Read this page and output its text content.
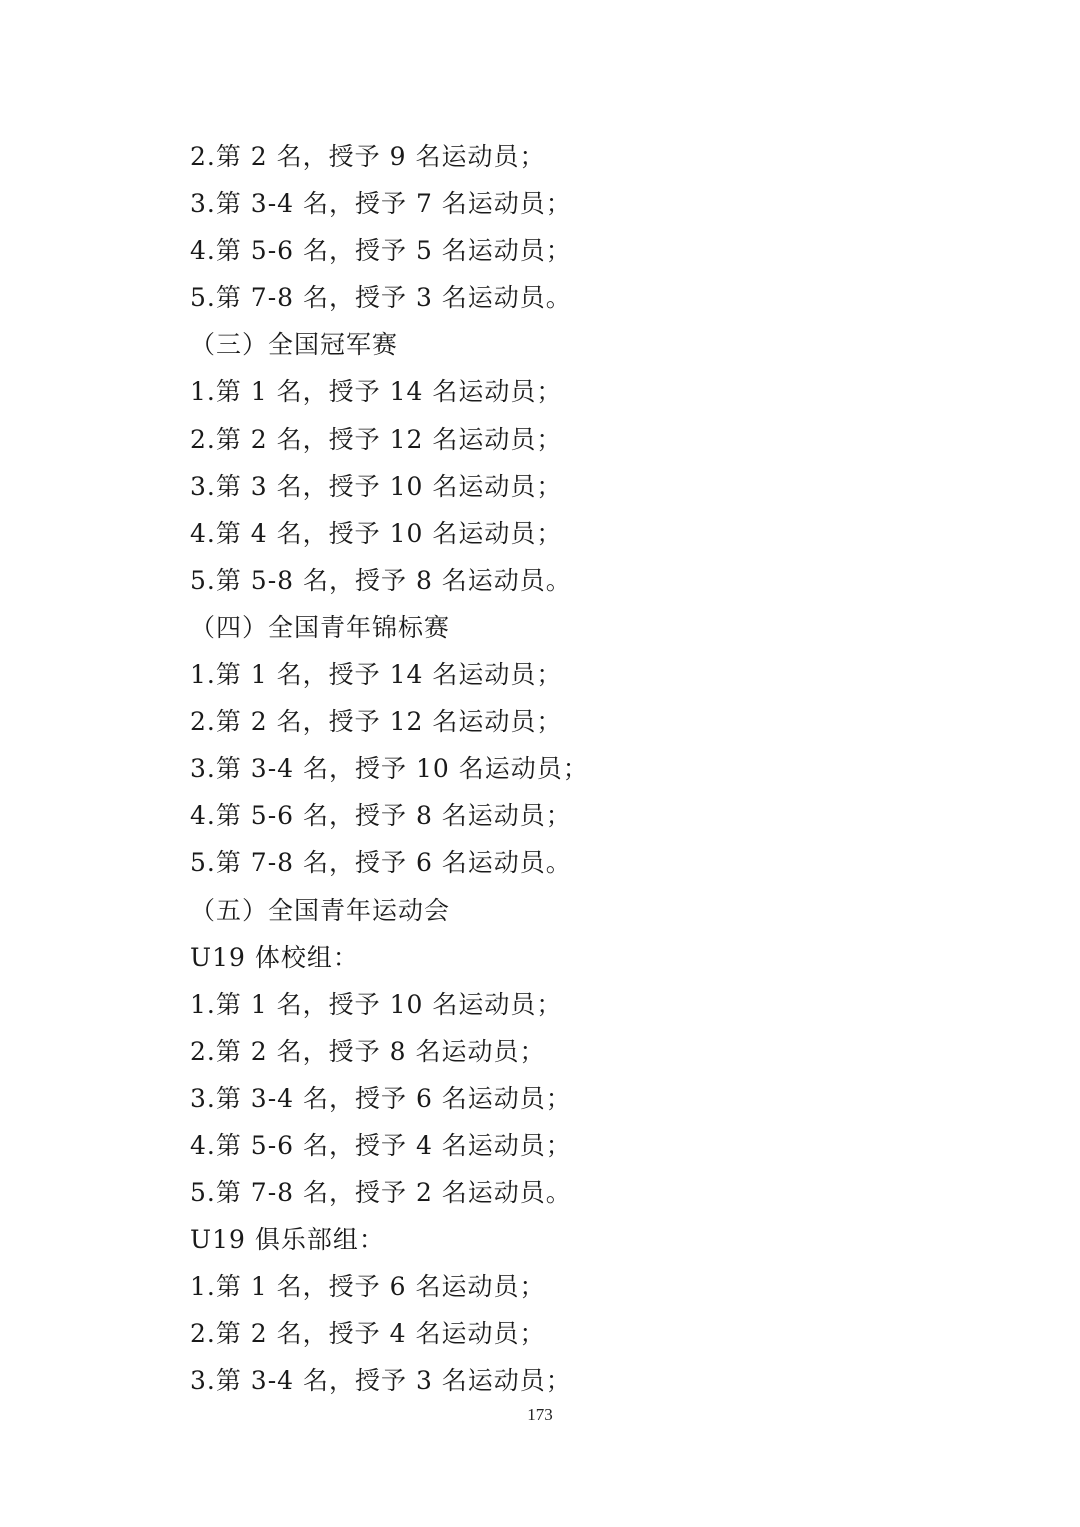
2.第 2 名，授予 9 名运动员；
3.第 3-4 名，授予 7 名运动员；
4.第 5-6 名，授予 5 名运动员；
5.第 7-8 名，授予 3 名运动员。
（三）全国冠军赛
1.第 1 名，授予 14 名运动员；
2.第 2 名，授予 12 名运动员；
3.第 3 名，授予 10 名运动员；
4.第 4 名，授予 10 名运动员；
5.第 5-8 名，授予 8 名运动员。
（四）全国青年锦标赛
1.第 1 名，授予 14 名运动员；
2.第 2 名，授予 12 名运动员；
3.第 3-4 名，授予 10 名运动员；
4.第 5-6 名，授予 8 名运动员；
5.第 7-8 名，授予 6 名运动员。
（五）全国青年运动会
U19 体校组：
1.第 1 名，授予 10 名运动员；
2.第 2 名，授予 8 名运动员；
3.第 3-4 名，授予 6 名运动员；
4.第 5-6 名，授予 4 名运动员；
5.第 7-8 名，授予 2 名运动员。
U19 俱乐部组：
1.第 1 名，授予 6 名运动员；
2.第 2 名，授予 4 名运动员；
3.第 3-4 名，授予 3 名运动员；
173
